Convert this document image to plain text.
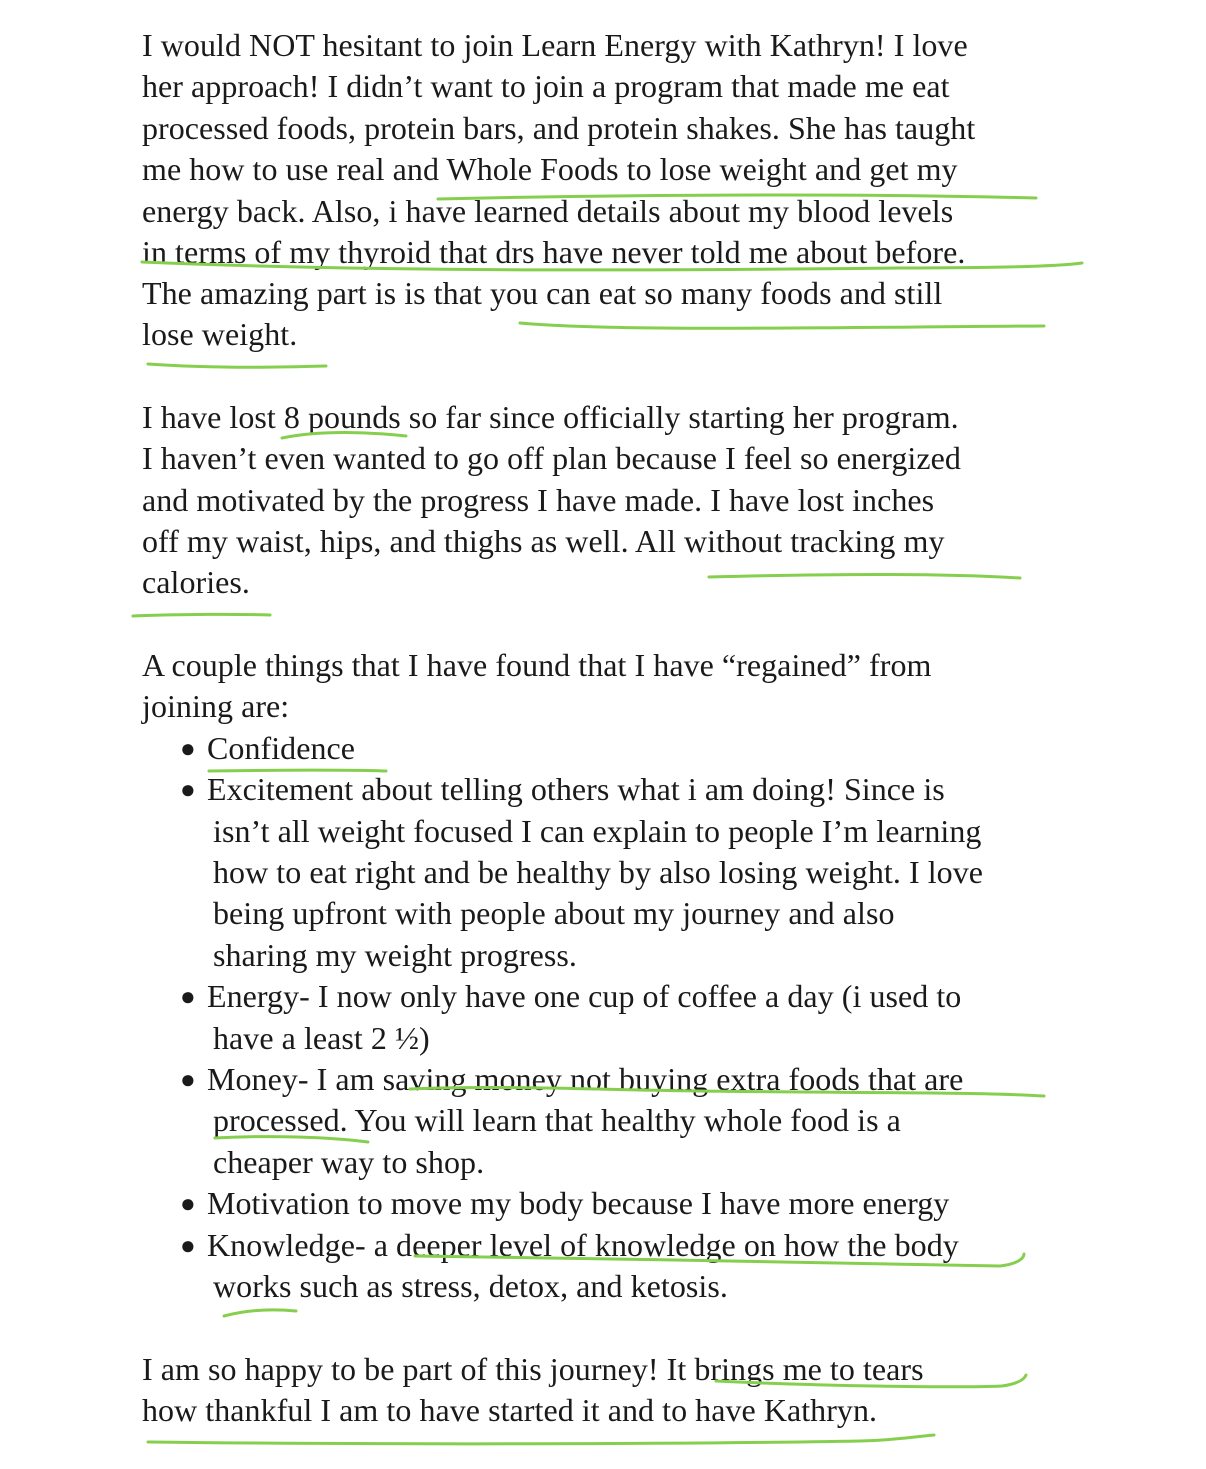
I would NOT hesitant to join Learn Energy with Kathryn! I love
her approach! I didn’t want to join a program that made me eat
processed foods, protein bars, and protein shakes. She has taught
me how to use real and Whole Foods to lose weight and get my
energy back. Also, i have learned details about my blood levels
in terms of my thyroid that drs have never told me about before.
The amazing part is is that you can eat so many foods and still
lose weight.
I have lost 8 pounds so far since officially starting her program.
I haven’t even wanted to go off plan because I feel so energized
and motivated by the progress I have made. I have lost inches
off my waist, hips, and thighs as well. All without tracking my
calories.
A couple things that I have found that I have “regained” from
joining are:
● Confidence
● Excitement about telling others what i am doing! Since is
isn’t all weight focused I can explain to people I’m learning
how to eat right and be healthy by also losing weight. I love
being upfront with people about my journey and also
sharing my weight progress.
● Energy- I now only have one cup of coffee a day (i used to
have a least 2 ½)
● Money- I am saving money not buying extra foods that are
processed. You will learn that healthy whole food is a
cheaper way to shop.
● Motivation to move my body because I have more energy
● Knowledge- a deeper level of knowledge on how the body
works such as stress, detox, and ketosis.
I am so happy to be part of this journey! It brings me to tears
how thankful I am to have started it and to have Kathryn.
